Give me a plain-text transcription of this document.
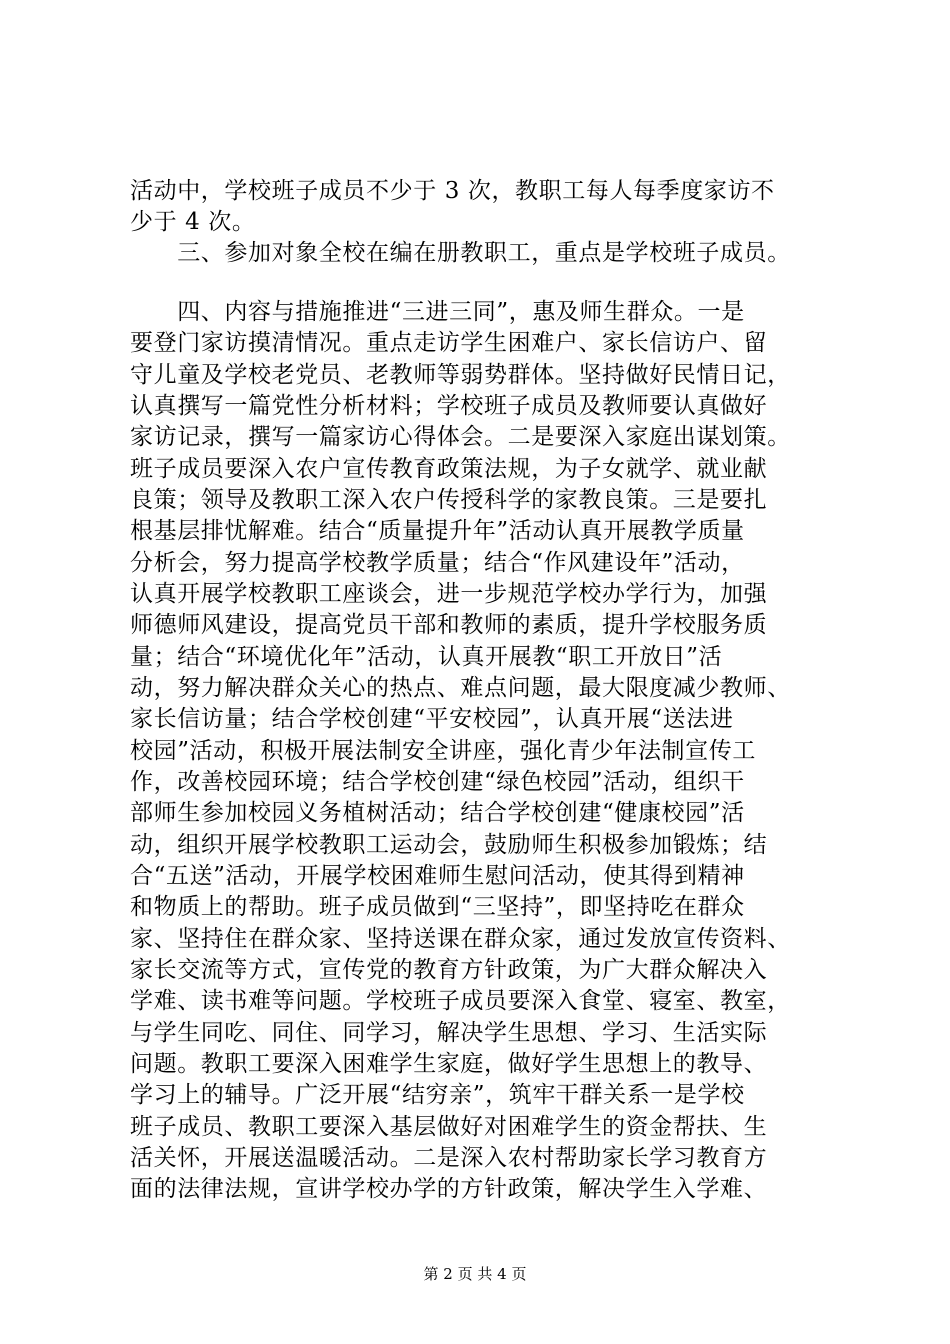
活动中，学校班子成员不少于 3 次，教职工每人每季度家访不
少于 4 次。
　　三、参加对象全校在编在册教职工，重点是学校班子成员。
　　四、内容与措施推进“三进三同”，惠及师生群众。一是
要登门家访摸清情况。重点走访学生困难户、家长信访户、留
守儿童及学校老党员、老教师等弱势群体。坚持做好民情日记，
认真撰写一篇党性分析材料；学校班子成员及教师要认真做好
家访记录，撰写一篇家访心得体会。二是要深入家庭出谋划策。
班子成员要深入农户宣传教育政策法规，为子女就学、就业献
良策；领导及教职工深入农户传授科学的家教良策。三是要扎
根基层排忧解难。结合“质量提升年”活动认真开展教学质量
分析会，努力提高学校教学质量；结合“作风建设年”活动，
认真开展学校教职工座谈会，进一步规范学校办学行为，加强
师德师风建设，提高党员干部和教师的素质，提升学校服务质
量；结合“环境优化年”活动，认真开展教“职工开放日”活
动，努力解决群众关心的热点、难点问题，最大限度减少教师、
家长信访量；结合学校创建“平安校园”，认真开展“送法进
校园”活动，积极开展法制安全讲座，强化青少年法制宣传工
作，改善校园环境；结合学校创建“绿色校园”活动，组织干
部师生参加校园义务植树活动；结合学校创建“健康校园”活
动，组织开展学校教职工运动会，鼓励师生积极参加锻炼；结
合“五送”活动，开展学校困难师生慰问活动，使其得到精神
和物质上的帮助。班子成员做到“三坚持”，即坚持吃在群众
家、坚持住在群众家、坚持送课在群众家，通过发放宣传资料、
家长交流等方式，宣传党的教育方针政策，为广大群众解决入
学难、读书难等问题。学校班子成员要深入食堂、寝室、教室，
与学生同吃、同住、同学习，解决学生思想、学习、生活实际
问题。教职工要深入困难学生家庭，做好学生思想上的教导、
学习上的辅导。广泛开展“结穷亲”，筑牢干群关系一是学校
班子成员、教职工要深入基层做好对困难学生的资金帮扶、生
活关怀，开展送温暖活动。二是深入农村帮助家长学习教育方
面的法律法规，宣讲学校办学的方针政策，解决学生入学难、
第 2 页 共 4 页
